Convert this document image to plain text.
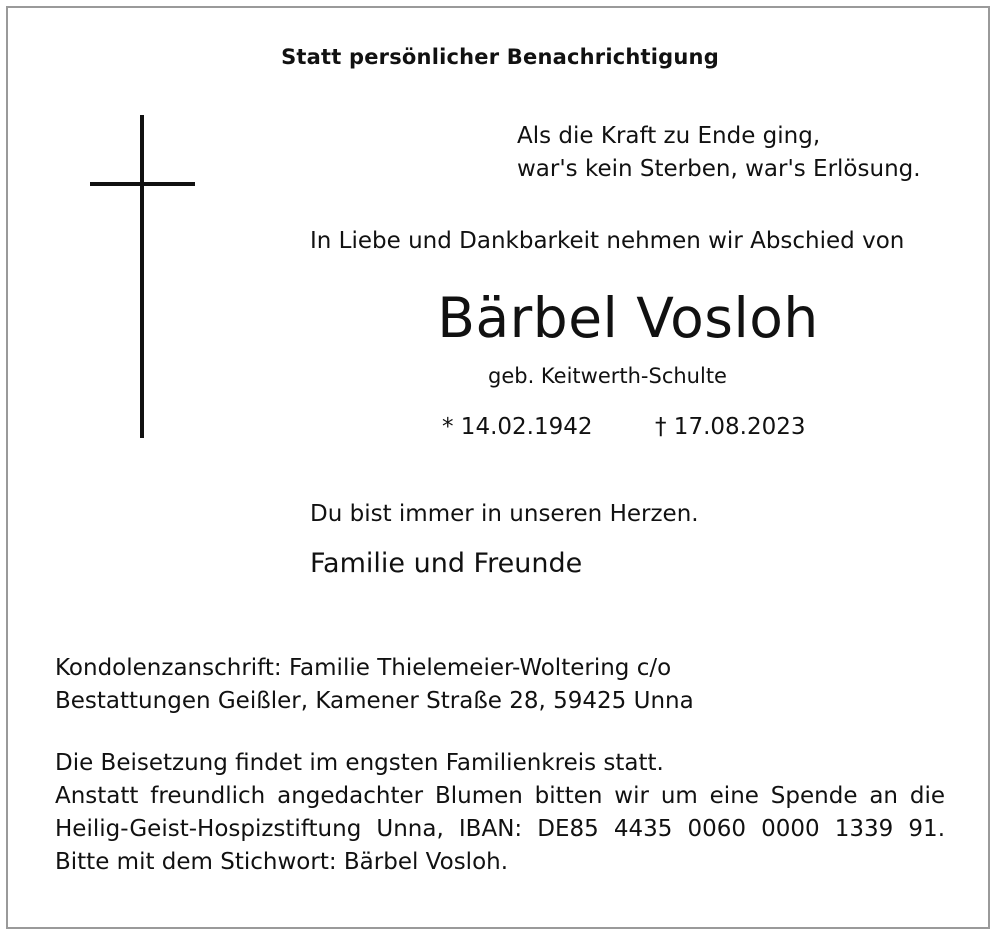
Statt persönlicher Benachrichtigung
Als die Kraft zu Ende ging,
war's kein Sterben, war's Erlösung.
In Liebe und Dankbarkeit nehmen wir Abschied von
Bärbel Vosloh
geb. Keitwerth-Schulte
* 14.02.1942	† 17.08.2023
Du bist immer in unseren Herzen.
Familie und Freunde
Kondolenzanschrift: Familie Thielemeier-Woltering c/o
Bestattungen Geißler, Kamener Straße 28, 59425 Unna
Die Beisetzung findet im engsten Familienkreis statt.
Anstatt freundlich angedachter Blumen bitten wir um eine Spende an die
Heilig-Geist-Hospizstiftung Unna, IBAN: DE85 4435 0060 0000 1339 91.
Bitte mit dem Stichwort: Bärbel Vosloh.
